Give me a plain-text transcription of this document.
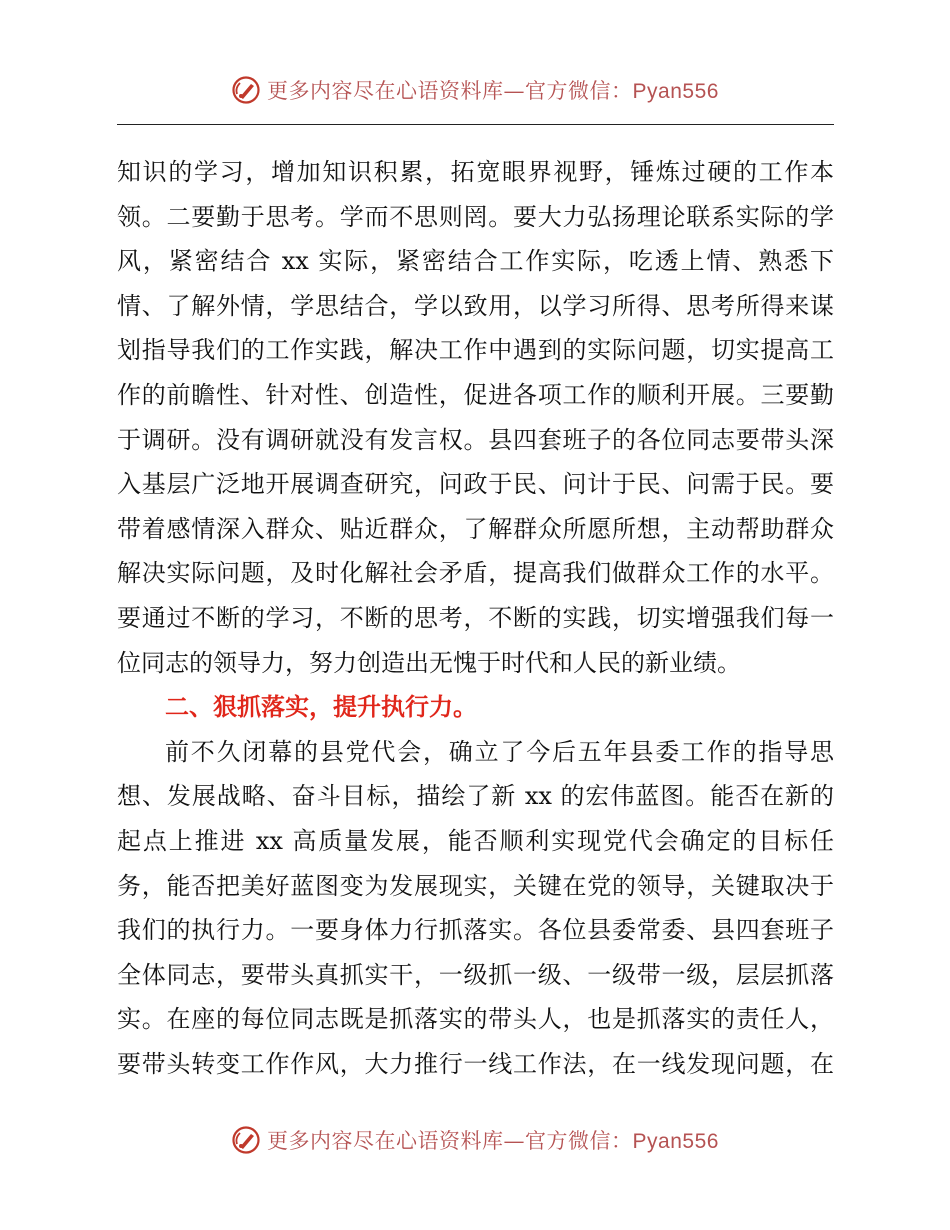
更多内容尽在心语资料库—官方微信：Pyan556
知识的学习，增加知识积累，拓宽眼界视野，锤炼过硬的工作本
领。二要勤于思考。学而不思则罔。要大力弘扬理论联系实际的学
风，紧密结合 xx 实际，紧密结合工作实际，吃透上情、熟悉下
情、了解外情，学思结合，学以致用，以学习所得、思考所得来谋
划指导我们的工作实践，解决工作中遇到的实际问题，切实提高工
作的前瞻性、针对性、创造性，促进各项工作的顺利开展。三要勤
于调研。没有调研就没有发言权。县四套班子的各位同志要带头深
入基层广泛地开展调查研究，问政于民、问计于民、问需于民。要
带着感情深入群众、贴近群众，了解群众所愿所想，主动帮助群众
解决实际问题，及时化解社会矛盾，提高我们做群众工作的水平。
要通过不断的学习，不断的思考，不断的实践，切实增强我们每一
位同志的领导力，努力创造出无愧于时代和人民的新业绩。
二、狠抓落实，提升执行力。
前不久闭幕的县党代会，确立了今后五年县委工作的指导思
想、发展战略、奋斗目标，描绘了新 xx 的宏伟蓝图。能否在新的
起点上推进 xx 高质量发展，能否顺利实现党代会确定的目标任
务，能否把美好蓝图变为发展现实，关键在党的领导，关键取决于
我们的执行力。一要身体力行抓落实。各位县委常委、县四套班子
全体同志，要带头真抓实干，一级抓一级、一级带一级，层层抓落
实。在座的每位同志既是抓落实的带头人，也是抓落实的责任人，
要带头转变工作作风，大力推行一线工作法，在一线发现问题，在
更多内容尽在心语资料库—官方微信：Pyan556
